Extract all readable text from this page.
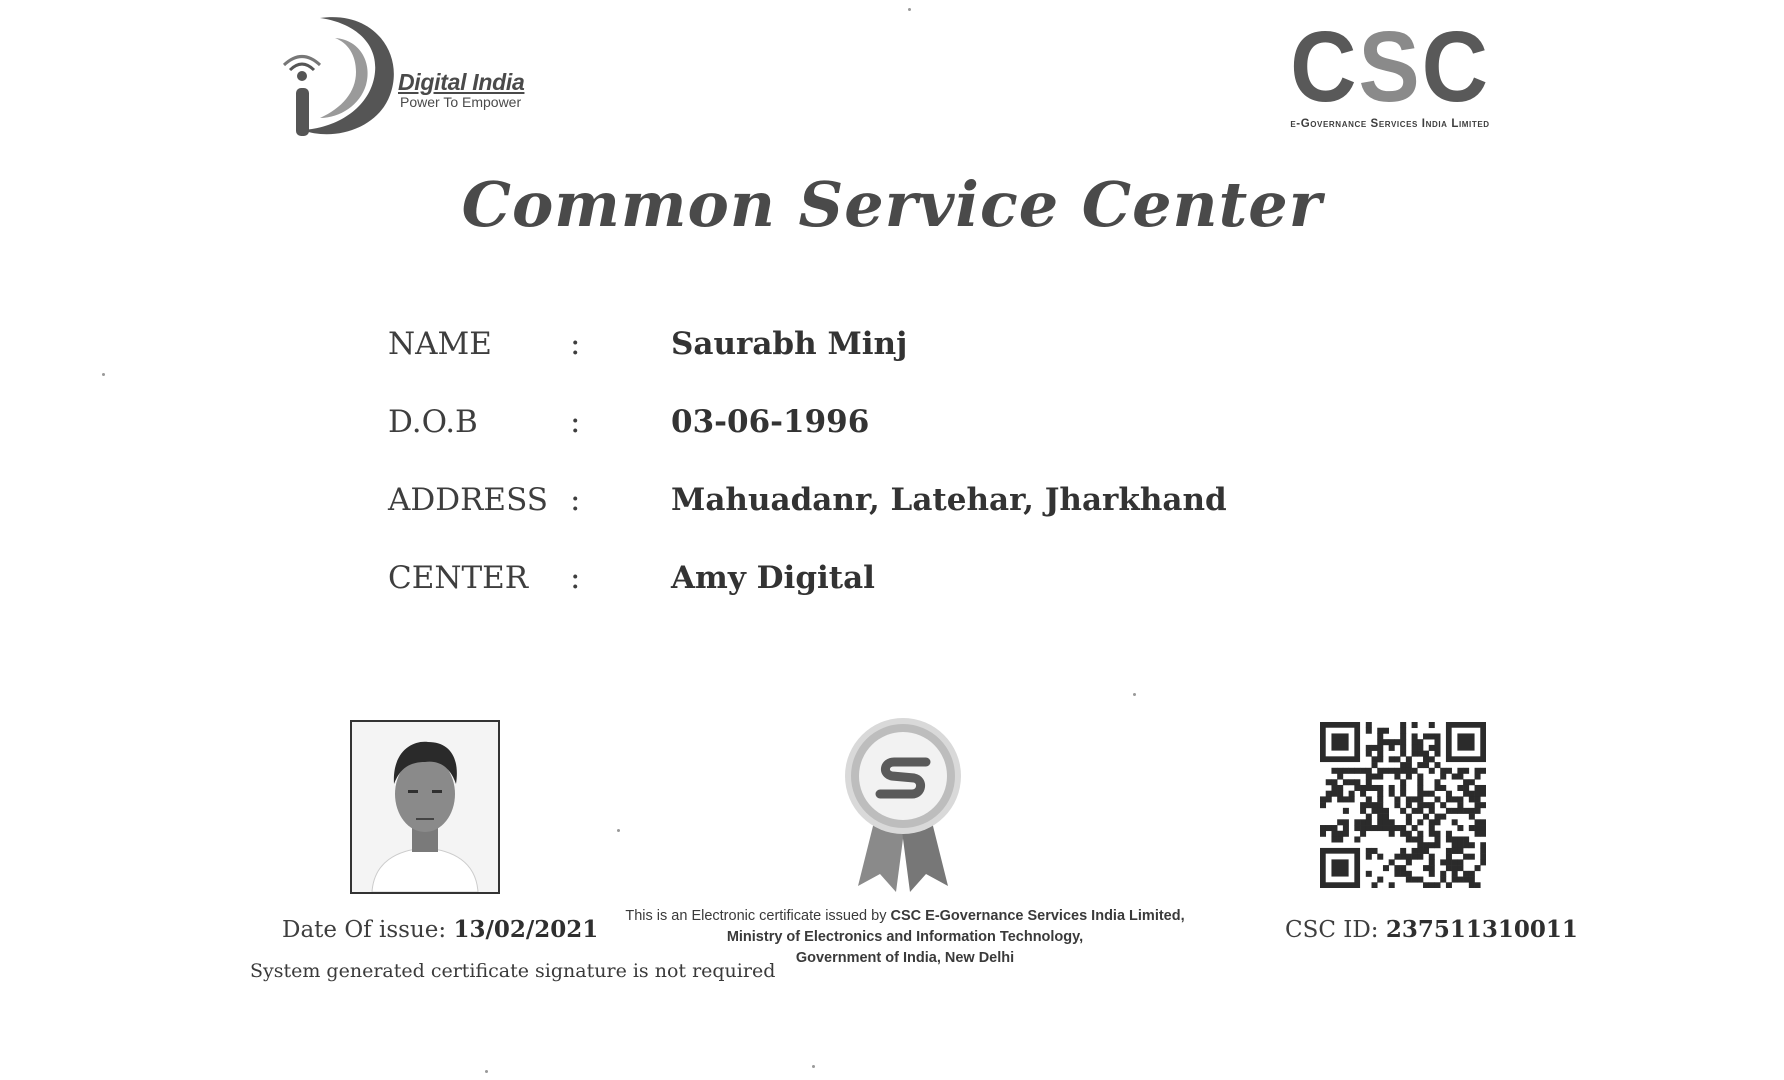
Digital India
Power To Empower	CSC
e-Governance Services India Limited
Common Service Center
NAME	:	Saurabh Minj
D.O.B	:	03-06-1996
ADDRESS :	Mahuadanr, Latehar, Jharkhand
CENTER :	Amy Digital
Date Of issue: 13/02/2021
System generated certificate signature is not required
This is an Electronic certificate issued by CSC E-Governance Services India Limited,
Ministry of Electronics and Information Technology,
Government of India, New Delhi
CSC ID: 237511310011
